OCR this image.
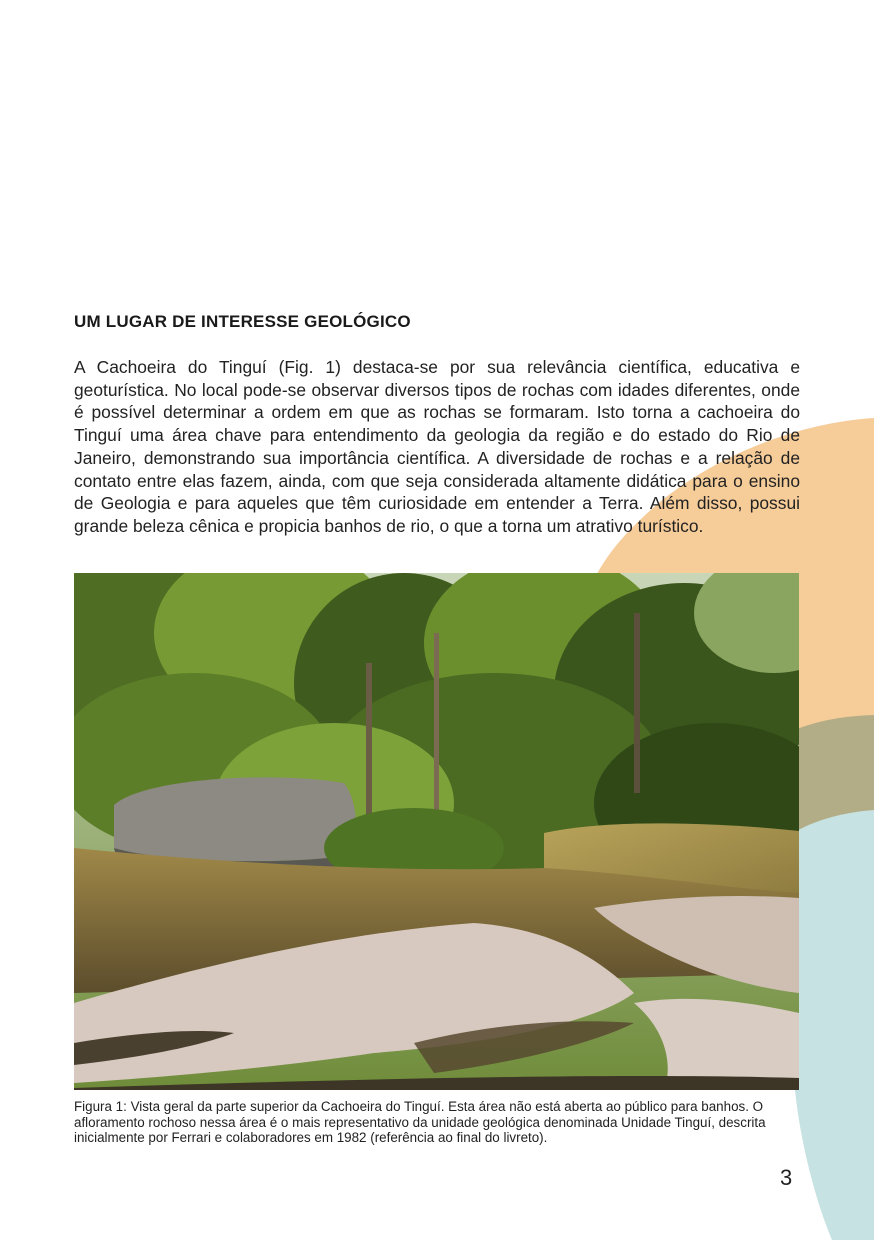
UM LUGAR DE INTERESSE GEOLÓGICO

A Cachoeira do Tinguí (Fig. 1) destaca-se por sua relevância científica, educativa e geoturística. No local pode-se observar diversos tipos de rochas com idades diferentes, onde é possível determinar a ordem em que as rochas se formaram. Isto torna a cachoeira do Tinguí uma área chave para entendimento da geologia da região e do estado do Rio de Janeiro, demonstrando sua importância científica. A diversidade de rochas e a relação de contato entre elas fazem, ainda, com que seja considerada altamente didática para o ensino de Geologia e para aqueles que têm curiosidade em entender a Terra. Além disso, possui grande beleza cênica e propicia banhos de rio, o que a torna um atrativo turístico.

Figura 1: Vista geral da parte superior da Cachoeira do Tinguí. Esta área não está aberta ao público para banhos. O afloramento rochoso nessa área é o mais representativo da unidade geológica denominada Unidade Tinguí, descrita inicialmente por Ferrari e colaboradores em 1982 (referência ao final do livreto).

3
